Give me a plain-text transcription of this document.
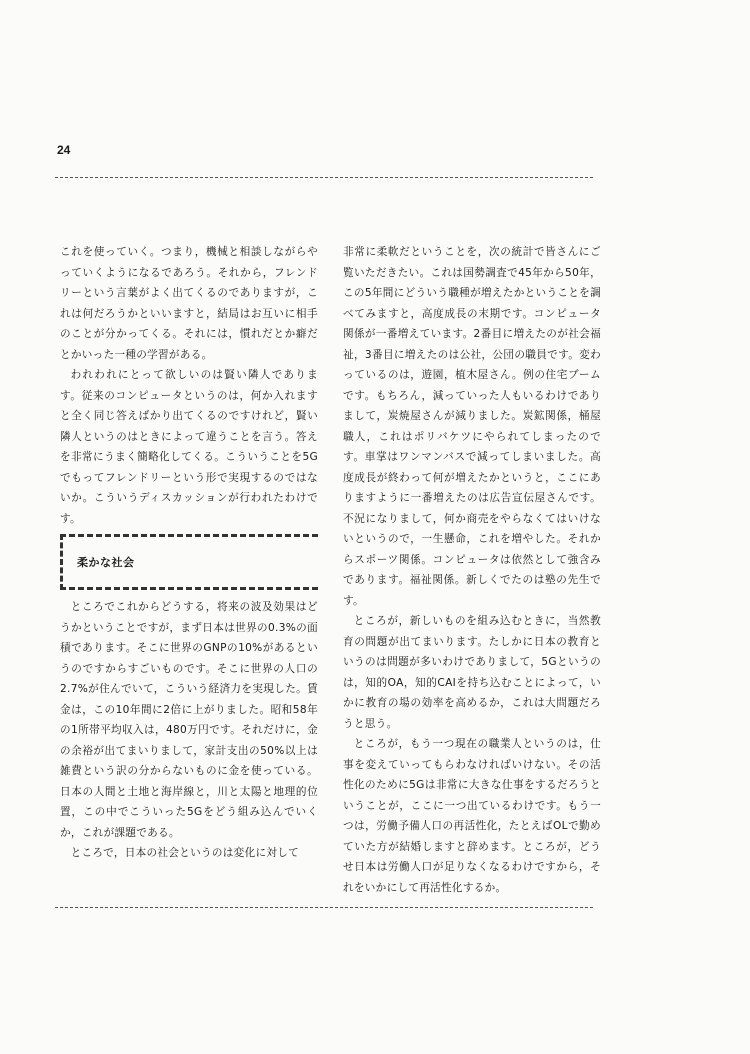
24

これを使っていく。つまり，機械と相談しながらやっていくようになるであろう。それから，フレンドリーという言葉がよく出てくるのでありますが，これは何だろうかといいますと，結局はお互いに相手のことが分かってくる。それには，慣れだとか癖だとかいった一種の学習がある。

われわれにとって欲しいのは賢い隣人であります。従来のコンピュータというのは，何か入れますと全く同じ答えばかり出てくるのですけれど，賢い隣人というのはときによって違うことを言う。答えを非常にうまく簡略化してくる。こういうことを5Gでもってフレンドリーという形で実現するのではないか。こういうディスカッションが行われたわけです。

柔かな社会

ところでこれからどうする，将来の波及効果はどうかということですが，まず日本は世界の0.3%の面積であります。そこに世界のGNPの10%があるというのですからすごいものです。そこに世界の人口の2.7%が住んでいて，こういう経済力を実現した。賃金は，この10年間に2倍に上がりました。昭和58年の1所帯平均収入は，480万円です。それだけに，金の余裕が出てまいりまして，家計支出の50%以上は雑費という訳の分からないものに金を使っている。日本の人間と土地と海岸線と，川と太陽と地理的位置，この中でこういった5Gをどう組み込んでいくか，これが課題である。

ところで，日本の社会というのは変化に対して

非常に柔軟だということを，次の統計で皆さんにご覧いただきたい。これは国勢調査で45年から50年，この5年間にどういう職種が増えたかということを調べてみますと，高度成長の末期です。コンピュータ関係が一番増えています。2番目に増えたのが社会福祉，3番目に増えたのは公社，公団の職員です。変わっているのは，遊園，植木屋さん。例の住宅ブームです。もちろん，減っていった人もいるわけでありまして，炭焼屋さんが減りました。炭鉱関係，桶屋職人，これはポリバケツにやられてしまったのです。車掌はワンマンバスで減ってしまいました。高度成長が終わって何が増えたかというと，ここにありますように一番増えたのは広告宣伝屋さんです。不況になりまして，何か商売をやらなくてはいけないというので，一生懸命，これを増やした。それからスポーツ関係。コンピュータは依然として強含みであります。福祉関係。新しくでたのは塾の先生です。

ところが，新しいものを組み込むときに，当然教育の問題が出てまいります。たしかに日本の教育というのは問題が多いわけでありまして，5Gというのは，知的OA，知的CAIを持ち込むことによって，いかに教育の場の効率を高めるか，これは大問題だろうと思う。

ところが，もう一つ現在の職業人というのは，仕事を変えていってもらわなければいけない。その活性化のために5Gは非常に大きな仕事をするだろうということが，ここに一つ出ているわけです。もう一つは，労働予備人口の再活性化，たとえばOLで勤めていた方が結婚しますと辞めます。ところが，どうせ日本は労働人口が足りなくなるわけですから，それをいかにして再活性化するか。
